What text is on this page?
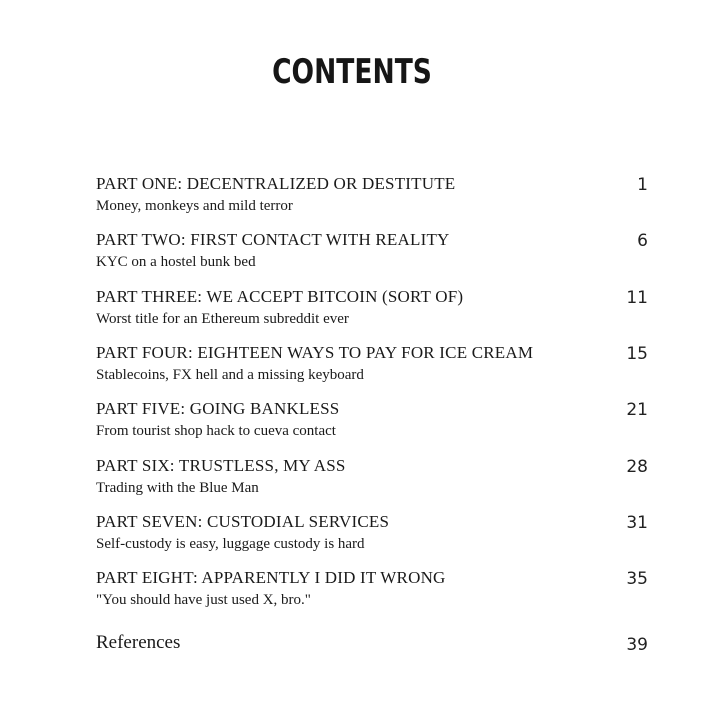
CONTENTS
PART ONE: DECENTRALIZED OR DESTITUTE
Money, monkeys and mild terror
1
PART TWO: FIRST CONTACT WITH REALITY
KYC on a hostel bunk bed
6
PART THREE: WE ACCEPT BITCOIN (SORT OF)
Worst title for an Ethereum subreddit ever
11
PART FOUR: EIGHTEEN WAYS TO PAY FOR ICE CREAM
Stablecoins, FX hell and a missing keyboard
15
PART FIVE: GOING BANKLESS
From tourist shop hack to cueva contact
21
PART SIX: TRUSTLESS, MY ASS
Trading with the Blue Man
28
PART SEVEN: CUSTODIAL SERVICES
Self-custody is easy, luggage custody is hard
31
PART EIGHT: APPARENTLY I DID IT WRONG
"You should have just used X, bro."
35
References	39
